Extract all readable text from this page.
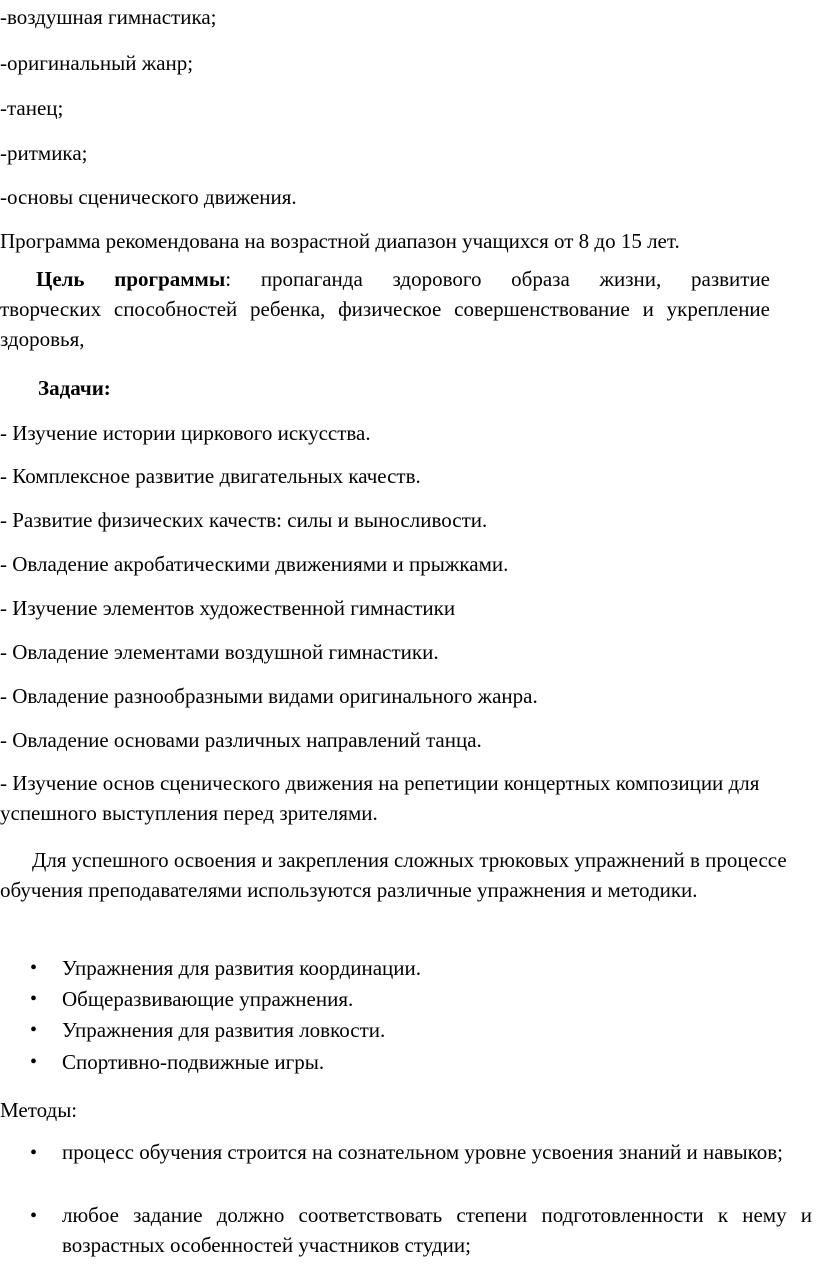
-воздушная гимнастика;
-оригинальный жанр;
-танец;
-ритмика;
-основы сценического движения.
Программа рекомендована на возрастной диапазон учащихся от 8 до 15 лет.
Цель программы: пропаганда здорового образа жизни, развитие творческих способностей ребенка, физическое совершенствование и укрепление здоровья,
Задачи:
- Изучение истории циркового искусства.
- Комплексное развитие двигательных качеств.
- Развитие физических качеств: силы и выносливости.
- Овладение акробатическими движениями и прыжками.
- Изучение элементов художественной гимнастики
- Овладение элементами воздушной гимнастики.
- Овладение разнообразными видами оригинального жанра.
- Овладение основами различных направлений танца.
- Изучение основ сценического движения на репетиции концертных композиции для успешного выступления перед зрителями.
Для успешного освоения и закрепления сложных трюковых упражнений в процессе обучения преподавателями используются различные упражнения и методики.
• Упражнения для развития координации.
• Общеразвивающие упражнения.
• Упражнения для развития ловкости.
• Спортивно-подвижные игры.
Методы:
• процесс обучения строится на сознательном уровне усвоения знаний и навыков;
• любое задание должно соответствовать степени подготовленности к нему и возрастных особенностей участников студии;
